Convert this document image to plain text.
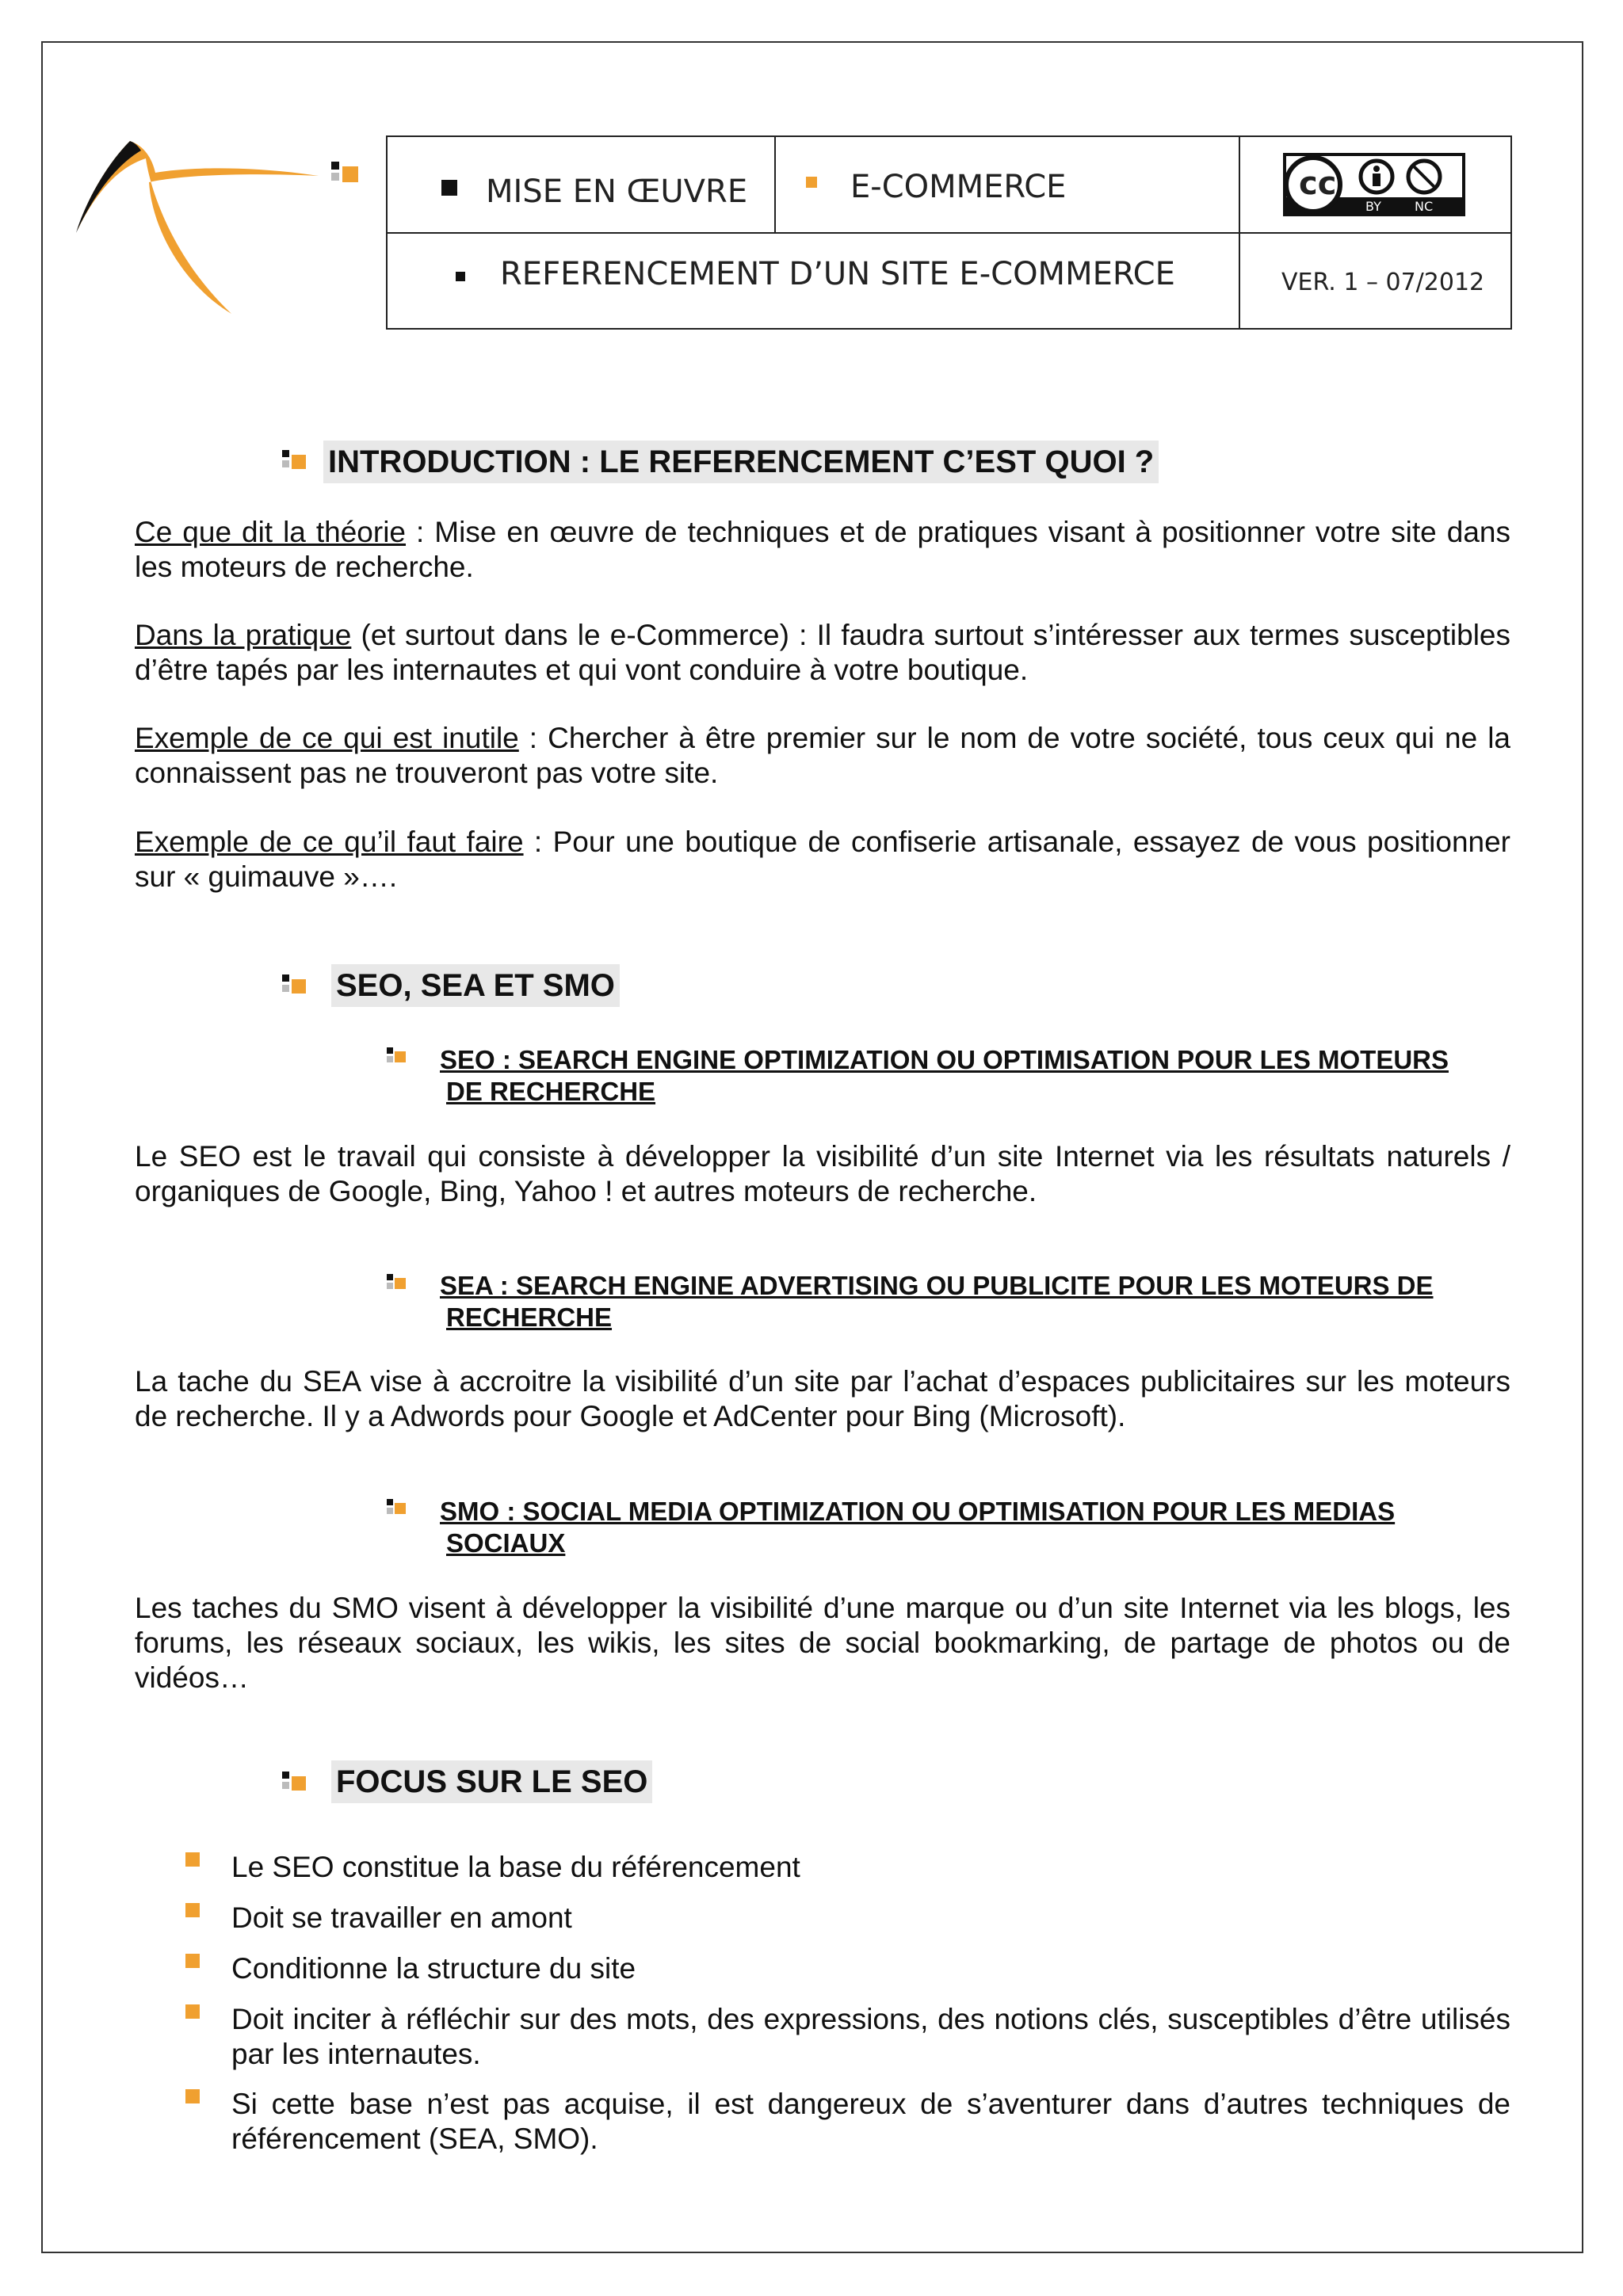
MISE EN ŒUVRE	E-COMMERCE	cc
BY	NC
REFERENCEMENT D’UN SITE E-COMMERCE	VER. 1 – 07/2012
INTRODUCTION : LE REFERENCEMENT C’EST QUOI ?
Ce que dit la théorie : Mise en œuvre de techniques et de pratiques visant à positionner votre site dans les moteurs de recherche.
Dans la pratique (et surtout dans le e-Commerce) : Il faudra surtout s’intéresser aux termes susceptibles d’être tapés par les internautes et qui vont conduire à votre boutique.
Exemple de ce qui est inutile : Chercher à être premier sur le nom de votre société, tous ceux qui ne la connaissent pas ne trouveront pas votre site.
Exemple de ce qu’il faut faire : Pour une boutique de confiserie artisanale, essayez de vous positionner sur « guimauve »….
SEO, SEA ET SMO
SEO : SEARCH ENGINE OPTIMIZATION OU OPTIMISATION POUR LES MOTEURS
DE RECHERCHE
Le SEO est le travail qui consiste à développer la visibilité d’un site Internet via les résultats naturels / organiques de Google, Bing, Yahoo ! et autres moteurs de recherche.
SEA : SEARCH ENGINE ADVERTISING OU PUBLICITE POUR LES MOTEURS DE
RECHERCHE
La tache du SEA vise à accroitre la visibilité d’un site par l’achat d’espaces publicitaires sur les moteurs de recherche. Il y a Adwords pour Google et AdCenter pour Bing (Microsoft).
SMO : SOCIAL MEDIA OPTIMIZATION OU OPTIMISATION POUR LES MEDIAS
SOCIAUX
Les taches du SMO visent à développer la visibilité d’une marque ou d’un site Internet via les blogs, les forums, les réseaux sociaux, les wikis, les sites de social bookmarking, de partage de photos ou de vidéos…
FOCUS SUR LE SEO
Le SEO constitue la base du référencement
Doit se travailler en amont
Conditionne la structure du site
Doit inciter à réfléchir sur des mots, des expressions, des notions clés, susceptibles d’être utilisés par les internautes.
Si cette base n’est pas acquise, il est dangereux de s’aventurer dans d’autres techniques de référencement (SEA, SMO).
